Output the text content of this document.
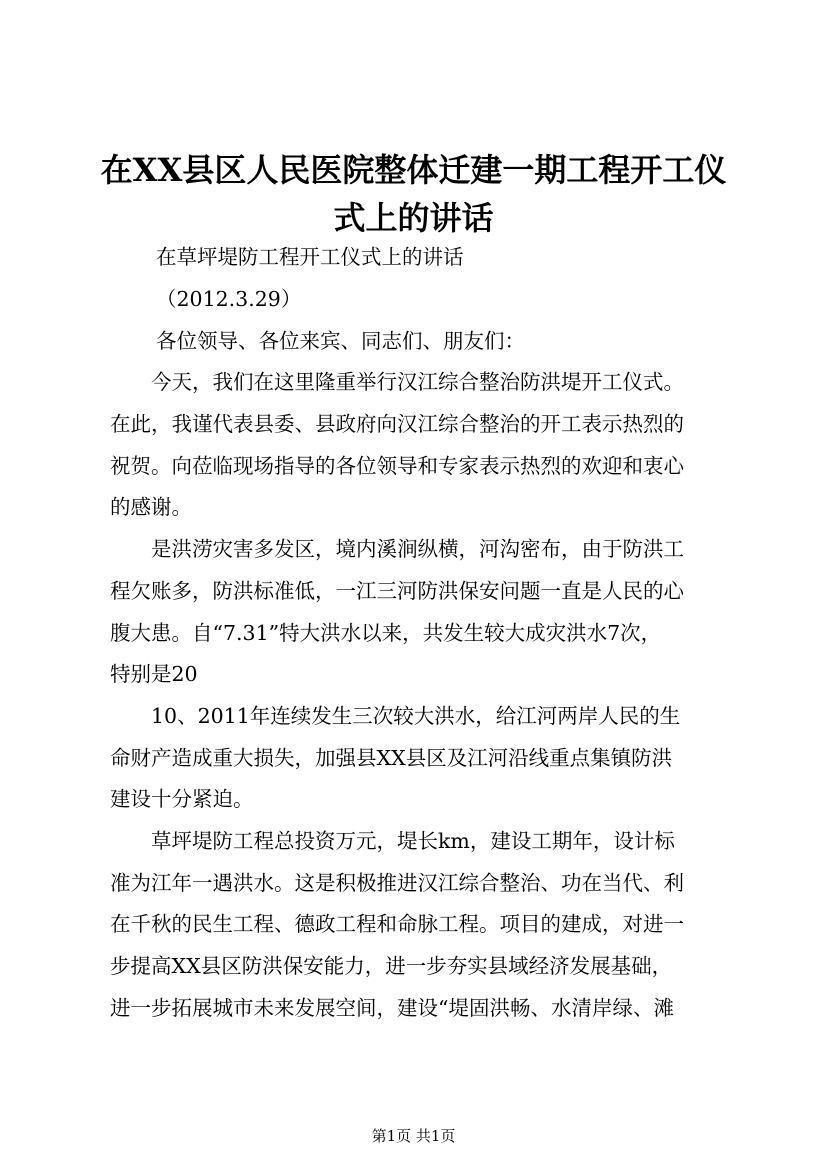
在XX县区人民医院整体迁建一期工程开工仪
式上的讲话

在草坪堤防工程开工仪式上的讲话

（2012.3.29）

各位领导、各位来宾、同志们、朋友们：

今天，我们在这里隆重举行汉江综合整治防洪堤开工仪式。

在此，我谨代表县委、县政府向汉江综合整治的开工表示热烈的

祝贺。向莅临现场指导的各位领导和专家表示热烈的欢迎和衷心

的感谢。

是洪涝灾害多发区，境内溪涧纵横，河沟密布，由于防洪工

程欠账多，防洪标准低，一江三河防洪保安问题一直是人民的心

腹大患。自“7.31”特大洪水以来，共发生较大成灾洪水7次，

特别是20

10、2011年连续发生三次较大洪水，给江河两岸人民的生

命财产造成重大损失，加强县XX县区及江河沿线重点集镇防洪

建设十分紧迫。

草坪堤防工程总投资万元，堤长km，建设工期年，设计标

准为江年一遇洪水。这是积极推进汉江综合整治、功在当代、利

在千秋的民生工程、德政工程和命脉工程。项目的建成，对进一

步提高XX县区防洪保安能力，进一步夯实县域经济发展基础，

进一步拓展城市未来发展空间，建设“堤固洪畅、水清岸绿、滩

第1页 共1页
